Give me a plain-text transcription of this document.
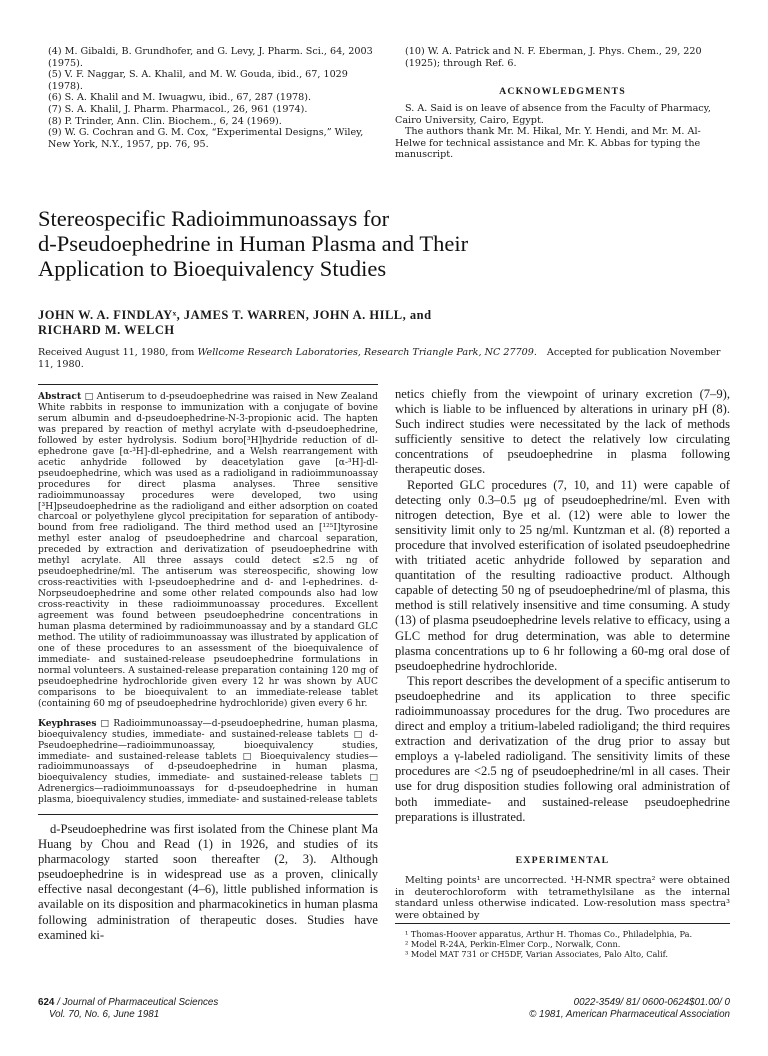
(4) M. Gibaldi, B. Grundhofer, and G. Levy, J. Pharm. Sci., 64, 2003 (1975).

(5) V. F. Naggar, S. A. Khalil, and M. W. Gouda, ibid., 67, 1029 (1978).

(6) S. A. Khalil and M. Iwuagwu, ibid., 67, 287 (1978).

(7) S. A. Khalil, J. Pharm. Pharmacol., 26, 961 (1974).

(8) P. Trinder, Ann. Clin. Biochem., 6, 24 (1969).

(9) W. G. Cochran and G. M. Cox, “Experimental Designs,” Wiley, New York, N.Y., 1957, pp. 76, 95.

(10) W. A. Patrick and N. F. Eberman, J. Phys. Chem., 29, 220 (1925); through Ref. 6.

ACKNOWLEDGMENTS

S. A. Said is on leave of absence from the Faculty of Pharmacy, Cairo University, Cairo, Egypt.

The authors thank Mr. M. Hikal, Mr. Y. Hendi, and Mr. M. Al-Helwe for technical assistance and Mr. K. Abbas for typing the manuscript.

Stereospecific Radioimmunoassays for
d-Pseudoephedrine in Human Plasma and Their
Application to Bioequivalency Studies
JOHN W. A. FINDLAYˣ, JAMES T. WARREN, JOHN A. HILL, and
RICHARD M. WELCH
Received August 11, 1980, from Wellcome Research Laboratories, Research Triangle Park, NC 27709. Accepted for publication November
11, 1980.

Abstract □ Antiserum to d-pseudoephedrine was raised in New Zealand White rabbits in response to immunization with a conjugate of bovine serum albumin and d-pseudoephedrine-N-3-propionic acid. The hapten was prepared by reaction of methyl acrylate with d-pseudoephedrine, followed by ester hydrolysis. Sodium boro[³H]hydride reduction of dl-ephedrone gave [α-³H]-dl-ephedrine, and a Welsh rearrangement with acetic anhydride followed by deacetylation gave [α-³H]-dl-pseudoephedrine, which was used as a radioligand in radioimmunoassay procedures for direct plasma analyses. Three sensitive radioimmunoassay procedures were developed, two using [³H]pseudoephedrine as the radioligand and either adsorption on coated charcoal or polyethylene glycol precipitation for separation of antibody-bound from free radioligand. The third method used an [¹²⁵I]tyrosine methyl ester analog of pseudoephedrine and charcoal separation, preceded by extraction and derivatization of pseudoephedrine with methyl acrylate. All three assays could detect ≤2.5 ng of pseudoephedrine/ml. The antiserum was stereospecific, showing low cross-reactivities with l-pseudoephedrine and d- and l-ephedrines. d-Norpseudoephedrine and some other related compounds also had low cross-reactivity in these radioimmunoassay procedures. Excellent agreement was found between pseudoephedrine concentrations in human plasma determined by radioimmunoassay and by a standard GLC method. The utility of radioimmunoassay was illustrated by application of one of these procedures to an assessment of the bioequivalence of immediate- and sustained-release pseudoephedrine formulations in normal volunteers. A sustained-release preparation containing 120 mg of pseudoephedrine hydrochloride given every 12 hr was shown by AUC comparisons to be bioequivalent to an immediate-release tablet (containing 60 mg of pseudoephedrine hydrochloride) given every 6 hr.

Keyphrases □ Radioimmunoassay—d-pseudoephedrine, human plasma, bioequivalency studies, immediate- and sustained-release tablets □ d-Pseudoephedrine—radioimmunoassay, bioequivalency studies, immediate- and sustained-release tablets □ Bioequivalency studies—radioimmunoassays of d-pseudoephedrine in human plasma, bioequivalency studies, immediate- and sustained-release tablets □ Adrenergics—radioimmunoassays for d-pseudoephedrine in human plasma, bioequivalency studies, immediate- and sustained-release tablets

d-Pseudoephedrine was first isolated from the Chinese plant Ma Huang by Chou and Read (1) in 1926, and studies of its pharmacology started soon thereafter (2, 3). Although pseudoephedrine is in widespread use as a proven, clinically effective nasal decongestant (4–6), little published information is available on its disposition and pharmacokinetics in human plasma following administration of therapeutic doses. Studies have examined ki-

netics chiefly from the viewpoint of urinary excretion (7–9), which is liable to be influenced by alterations in urinary pH (8). Such indirect studies were necessitated by the lack of methods sufficiently sensitive to detect the relatively low circulating concentrations of pseudoephedrine in plasma following therapeutic doses.

Reported GLC procedures (7, 10, and 11) were capable of detecting only 0.3–0.5 μg of pseudoephedrine/ml. Even with nitrogen detection, Bye et al. (12) were able to lower the sensitivity limit only to 25 ng/ml. Kuntzman et al. (8) reported a procedure that involved esterification of isolated pseudoephedrine with tritiated acetic anhydride followed by separation and quantitation of the resulting radioactive product. Although capable of detecting 50 ng of pseudoephedrine/ml of plasma, this method is still relatively insensitive and time consuming. A study (13) of plasma pseudoephedrine levels relative to efficacy, using a GLC method for drug determination, was able to determine plasma concentrations up to 6 hr following a 60-mg oral dose of pseudoephedrine hydrochloride.

This report describes the development of a specific antiserum to pseudoephedrine and its application to three specific radioimmunoassay procedures for the drug. Two procedures are direct and employ a tritium-labeled radioligand; the third requires extraction and derivatization of the drug prior to assay but employs a γ-labeled radioligand. The sensitivity limits of these procedures are <2.5 ng of pseudoephedrine/ml in all cases. Their use for drug disposition studies following oral administration of both immediate- and sustained-release pseudoephedrine preparations is illustrated.

EXPERIMENTAL

Melting points¹ are uncorrected. ¹H-NMR spectra² were obtained in deuterochloroform with tetramethylsilane as the internal standard unless otherwise indicated. Low-resolution mass spectra³ were obtained by

¹ Thomas-Hoover apparatus, Arthur H. Thomas Co., Philadelphia, Pa.

² Model R-24A, Perkin-Elmer Corp., Norwalk, Conn.

³ Model MAT 731 or CH5DF, Varian Associates, Palo Alto, Calif.

624 / Journal of Pharmaceutical Sciences
Vol. 70, No. 6, June 1981
0022-3549/ 81/ 0600-0624$01.00/ 0
© 1981, American Pharmaceutical Association
